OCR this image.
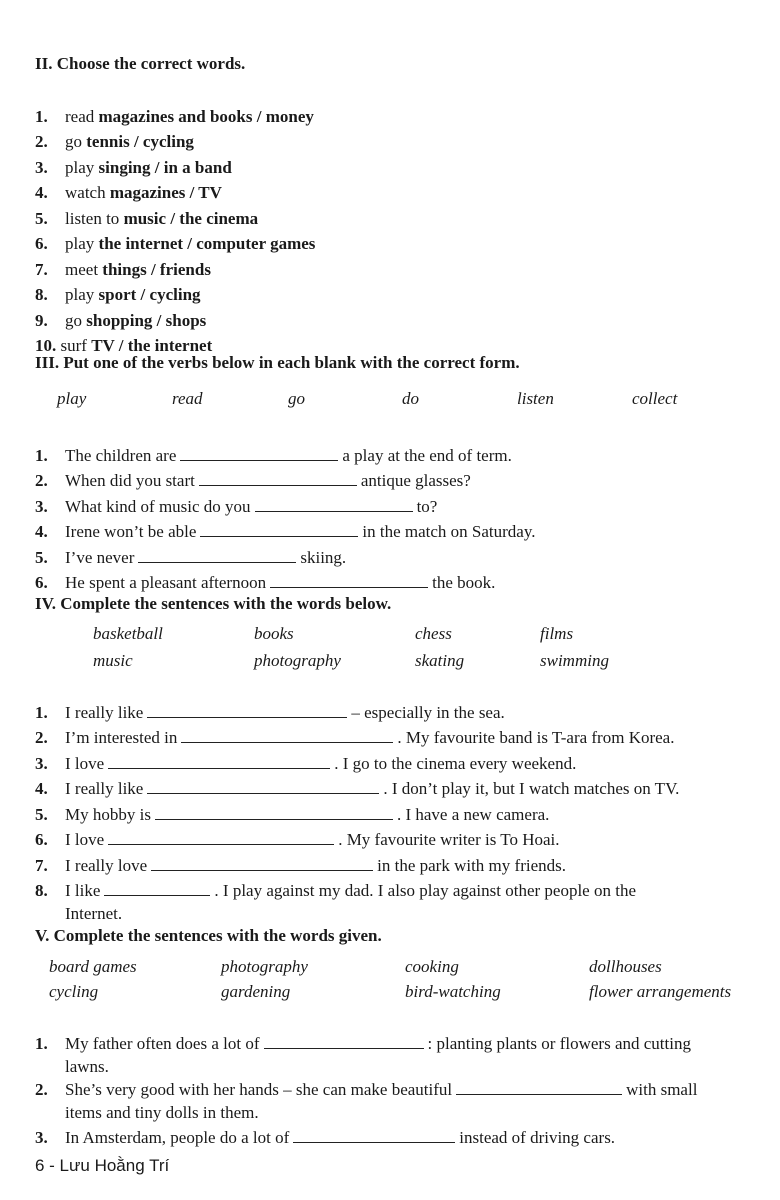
II. Choose the correct words.
1. read magazines and books / money
2. go tennis / cycling
3. play singing / in a band
4. watch magazines / TV
5. listen to music / the cinema
6. play the internet / computer games
7. meet things / friends
8. play sport / cycling
9. go shopping / shops
10. surf TV / the internet
III. Put one of the verbs below in each blank with the correct form.
play	read	go	do	listen	collect
1. The children are	a play at the end of term.
2. When did you start	antique glasses?
3. What kind of music do you	to?
4. Irene won’t be able	in the match on Saturday.
5. I’ve never	skiing.
6. He spent a pleasant afternoon	the book.
IV. Complete the sentences with the words below.
basketball	books	chess	films
music	photography	skating	swimming
1. I really like	– especially in the sea.
2. I’m interested in	. My favourite band is T-ara from Korea.
3. I love	. I go to the cinema every weekend.
4. I really like	. I don’t play it, but I watch matches on TV.
5. My hobby is	. I have a new camera.
6. I love	. My favourite writer is To Hoai.
7. I really love	in the park with my friends.
8. I like	. I play against my dad. I also play against other people on the
Internet.
V. Complete the sentences with the words given.
board games	photography	cooking	dollhouses
cycling	gardening	bird-watching	flower arrangements
1. My father often does a lot of	: planting plants or flowers and cutting
lawns.
2. She’s very good with her hands – she can make beautiful	with small
items and tiny dolls in them.
3. In Amsterdam, people do a lot of	instead of driving cars.
6 - Lưu Hoằng Trí
